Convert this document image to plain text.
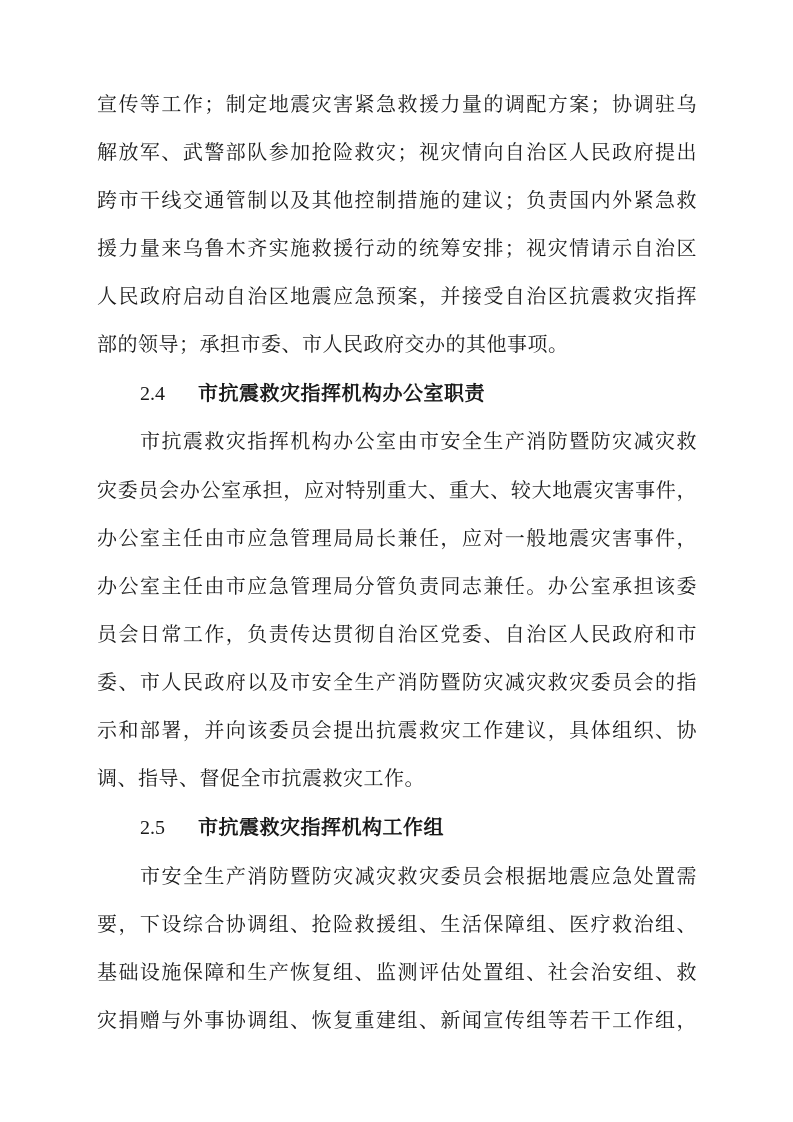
宣传等工作；制定地震灾害紧急救援力量的调配方案；协调驻乌
解放军、武警部队参加抢险救灾；视灾情向自治区人民政府提出
跨市干线交通管制以及其他控制措施的建议；负责国内外紧急救
援力量来乌鲁木齐实施救援行动的统筹安排；视灾情请示自治区
人民政府启动自治区地震应急预案，并接受自治区抗震救灾指挥
部的领导；承担市委、市人民政府交办的其他事项。
2.4 市抗震救灾指挥机构办公室职责
市抗震救灾指挥机构办公室由市安全生产消防暨防灾减灾救
灾委员会办公室承担，应对特别重大、重大、较大地震灾害事件，
办公室主任由市应急管理局局长兼任，应对一般地震灾害事件，
办公室主任由市应急管理局分管负责同志兼任。办公室承担该委
员会日常工作，负责传达贯彻自治区党委、自治区人民政府和市
委、市人民政府以及市安全生产消防暨防灾减灾救灾委员会的指
示和部署，并向该委员会提出抗震救灾工作建议，具体组织、协
调、指导、督促全市抗震救灾工作。
2.5 市抗震救灾指挥机构工作组
市安全生产消防暨防灾减灾救灾委员会根据地震应急处置需
要，下设综合协调组、抢险救援组、生活保障组、医疗救治组、
基础设施保障和生产恢复组、监测评估处置组、社会治安组、救
灾捐赠与外事协调组、恢复重建组、新闻宣传组等若干工作组，
